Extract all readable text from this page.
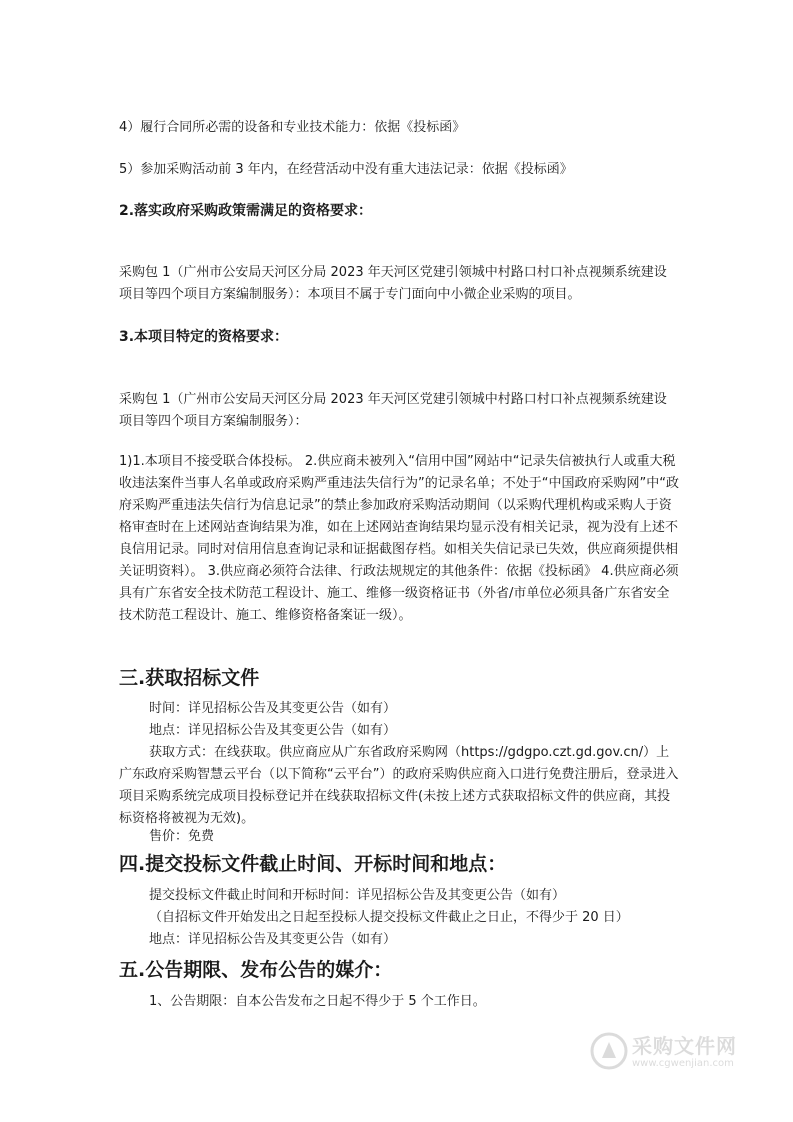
4）履行合同所必需的设备和专业技术能力：依据《投标函》
5）参加采购活动前 3 年内，在经营活动中没有重大违法记录：依据《投标函》
2.落实政府采购政策需满足的资格要求：
采购包 1（广州市公安局天河区分局 2023 年天河区党建引领城中村路口村口补点视频系统建设项目等四个项目方案编制服务）：本项目不属于专门面向中小微企业采购的项目。
3.本项目特定的资格要求：
采购包 1（广州市公安局天河区分局 2023 年天河区党建引领城中村路口村口补点视频系统建设项目等四个项目方案编制服务）：
1)1.本项目不接受联合体投标。 2.供应商未被列入“信用中国”网站中“记录失信被执行人或重大税收违法案件当事人名单或政府采购严重违法失信行为”的记录名单；不处于“中国政府采购网”中“政府采购严重违法失信行为信息记录”的禁止参加政府采购活动期间（以采购代理机构或采购人于资格审查时在上述网站查询结果为准，如在上述网站查询结果均显示没有相关记录，视为没有上述不良信用记录。同时对信用信息查询记录和证据截图存档。如相关失信记录已失效，供应商须提供相关证明资料）。 3.供应商必须符合法律、行政法规规定的其他条件：依据《投标函》 4.供应商必须具有广东省安全技术防范工程设计、施工、维修一级资格证书（外省/市单位必须具备广东省安全技术防范工程设计、施工、维修资格备案证一级）。
三.获取招标文件
时间：详见招标公告及其变更公告（如有）
地点：详见招标公告及其变更公告（如有）
获取方式：在线获取。供应商应从广东省政府采购网（https://gdgpo.czt.gd.gov.cn/）上广东政府采购智慧云平台（以下简称“云平台”）的政府采购供应商入口进行免费注册后，登录进入项目采购系统完成项目投标登记并在线获取招标文件(未按上述方式获取招标文件的供应商，其投标资格将被视为无效)。
售价：免费
四.提交投标文件截止时间、开标时间和地点：
提交投标文件截止时间和开标时间：详见招标公告及其变更公告（如有）
（自招标文件开始发出之日起至投标人提交投标文件截止之日止，不得少于 20 日）
地点：详见招标公告及其变更公告（如有）
五.公告期限、发布公告的媒介：
1、公告期限：自本公告发布之日起不得少于 5 个工作日。
采购文件网
www.cgwenjian.com
